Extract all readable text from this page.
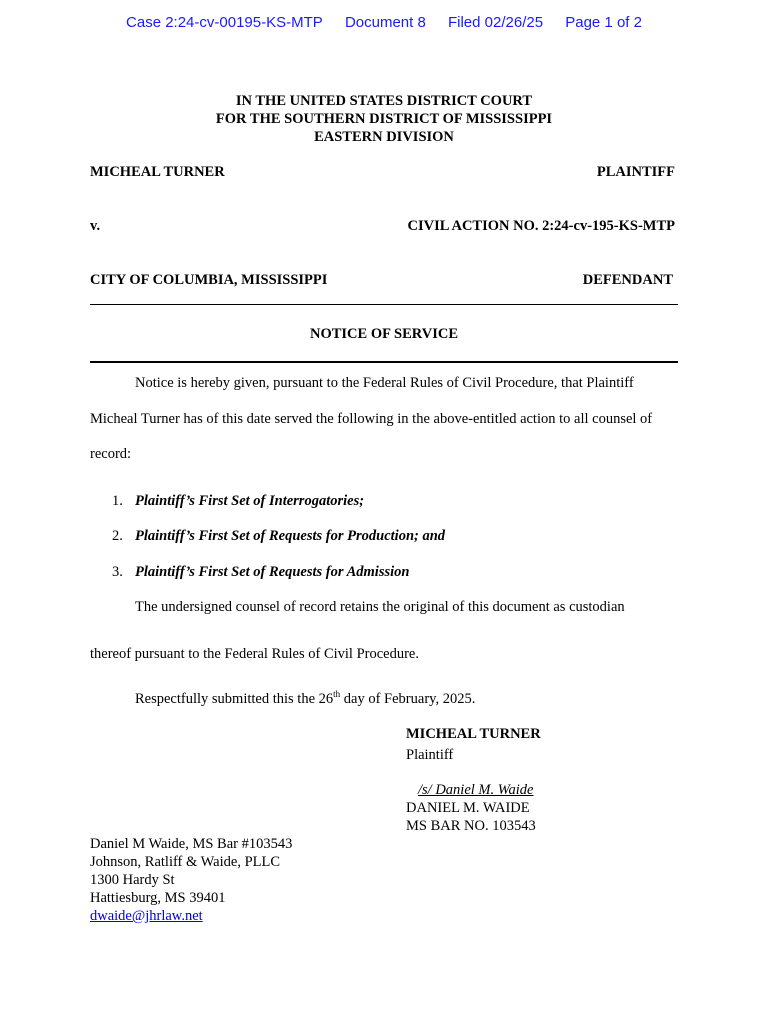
Case 2:24-cv-00195-KS-MTP Document 8 Filed 02/26/25 Page 1 of 2
IN THE UNITED STATES DISTRICT COURT
FOR THE SOUTHERN DISTRICT OF MISSISSIPPI
EASTERN DIVISION
MICHEAL TURNER	PLAINTIFF
v.	CIVIL ACTION NO. 2:24-cv-195-KS-MTP
CITY OF COLUMBIA, MISSISSIPPI	DEFENDANT
NOTICE OF SERVICE
Notice is hereby given, pursuant to the Federal Rules of Civil Procedure, that Plaintiff
Micheal Turner has of this date served the following in the above-entitled action to all counsel of
record:
1. Plaintiff’s First Set of Interrogatories;
2. Plaintiff’s First Set of Requests for Production; and
3. Plaintiff’s First Set of Requests for Admission
The undersigned counsel of record retains the original of this document as custodian
thereof pursuant to the Federal Rules of Civil Procedure.
Respectfully submitted this the 26th day of February, 2025.
MICHEAL TURNER
Plaintiff
/s/ Daniel M. Waide
DANIEL M. WAIDE
MS BAR NO. 103543
Daniel M Waide, MS Bar #103543
Johnson, Ratliff & Waide, PLLC
1300 Hardy St
Hattiesburg, MS 39401
dwaide@jhrlaw.net
